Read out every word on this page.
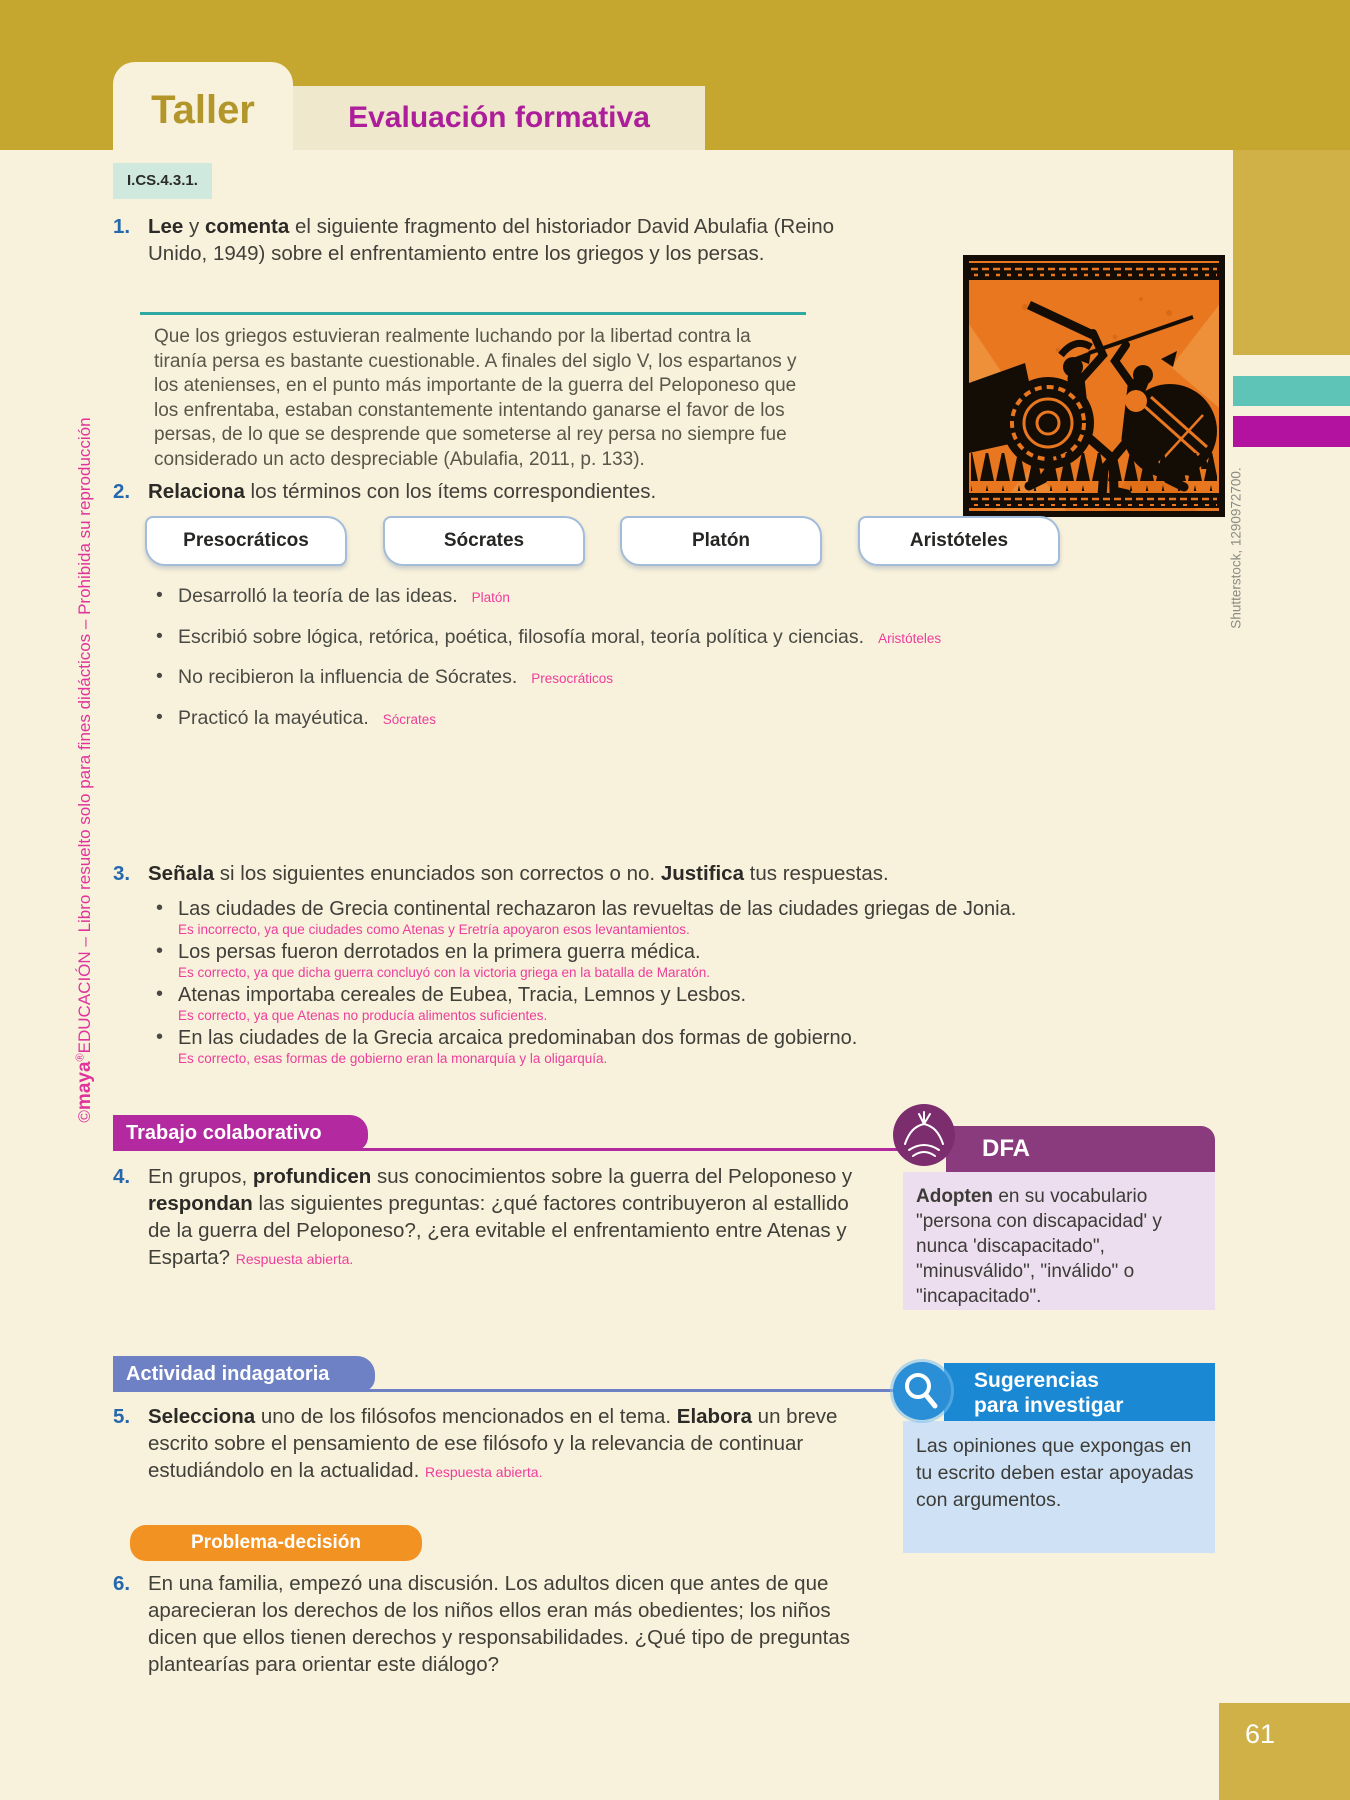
Taller	Evaluación formativa
I.CS.4.3.1.
1. Lee y comenta el siguiente fragmento del historiador David Abulafia (Reino Unido, 1949) sobre el enfrentamiento entre los griegos y los persas.

Que los griegos estuvieran realmente luchando por la libertad contra la tiranía persa es bastante cuestionable. A finales del siglo V, los espartanos y los atenienses, en el punto más importante de la guerra del Peloponeso que los enfrentaba, estaban constantemente intentando ganarse el favor de los persas, de lo que se desprende que someterse al rey persa no siempre fue considerado un acto despreciable (Abulafia, 2011, p. 133).
2. Relaciona los términos con los ítems correspondientes.

Presocráticos	Sócrates	Platón	Aristóteles
• Desarrolló la teoría de las ideas. Platón
• Escribió sobre lógica, retórica, poética, filosofía moral, teoría política y ciencias. Aristóteles
• No recibieron la influencia de Sócrates. Presocráticos
• Practicó la mayéutica. Sócrates
3. Señala si los siguientes enunciados son correctos o no. Justifica tus respuestas.

• Las ciudades de Grecia continental rechazaron las revueltas de las ciudades griegas de Jonia.
Es incorrecto, ya que ciudades como Atenas y Eretría apoyaron esos levantamientos.
• Los persas fueron derrotados en la primera guerra médica.
Es correcto, ya que dicha guerra concluyó con la victoria griega en la batalla de Maratón.
• Atenas importaba cereales de Eubea, Tracia, Lemnos y Lesbos.
Es correcto, ya que Atenas no producía alimentos suficientes.
• En las ciudades de la Grecia arcaica predominaban dos formas de gobierno.
Es correcto, esas formas de gobierno eran la monarquía y la oligarquía.
Trabajo colaborativo
4. En grupos, profundicen sus conocimientos sobre la guerra del Peloponeso y respondan las siguientes preguntas: ¿qué factores contribuyeron al estallido de la guerra del Peloponeso?, ¿era evitable el enfrentamiento entre Atenas y Esparta? Respuesta abierta.

DFA
Adopten en su vocabulario "persona con discapacidad' y nunca 'discapacitado", "minusválido", "inválido" o "incapacitado".
Actividad indagatoria
5. Selecciona uno de los filósofos mencionados en el tema. Elabora un breve escrito sobre el pensamiento de ese filósofo y la relevancia de continuar estudiándolo en la actualidad. Respuesta abierta.

Sugerencias
para investigar
Las opiniones que expongas en tu escrito deben estar apoyadas con argumentos.
Problema-decisión
6. En una familia, empezó una discusión. Los adultos dicen que antes de que aparecieran los derechos de los niños ellos eran más obedientes; los niños dicen que ellos tienen derechos y responsabilidades. ¿Qué tipo de preguntas plantearías para orientar este diálogo?

©maya®EDUCACIÓN – Libro resuelto solo para fines didácticos – Prohibida su reproducción	Shutterstock, 1290972700.
61
